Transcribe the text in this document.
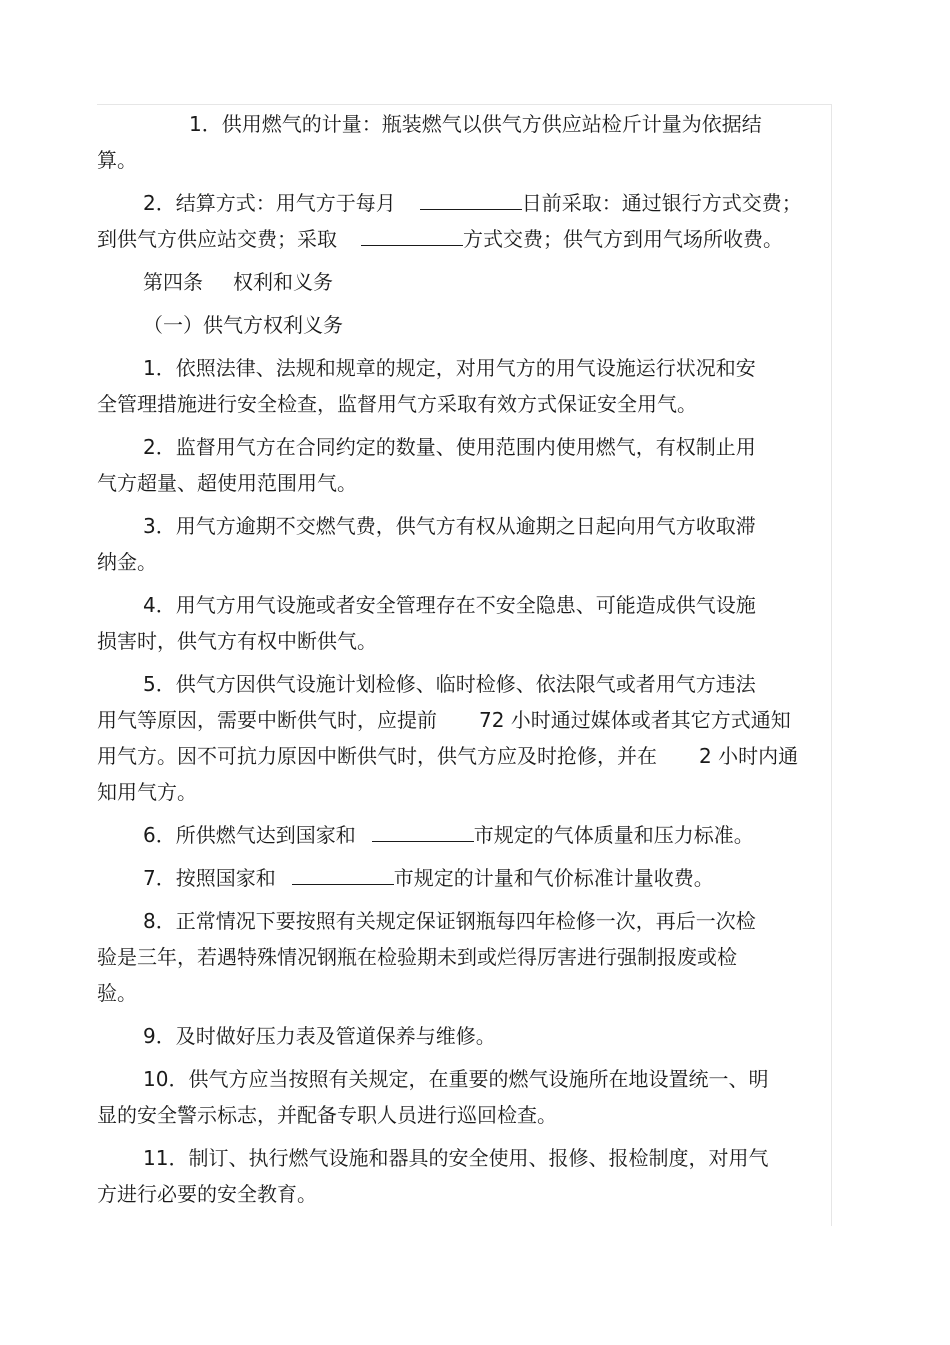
1．供用燃气的计量：瓶装燃气以供气方供应站检斤计量为依据结
算。

2．结算方式：用气方于每月	日前采取：通过银行方式交费；
到供气方供应站交费；采取	方式交费；供气方到用气场所收费。

第四条 权利和义务

（一）供气方权利义务

1．依照法律、法规和规章的规定，对用气方的用气设施运行状况和安
全管理措施进行安全检查，监督用气方采取有效方式保证安全用气。

2．监督用气方在合同约定的数量、使用范围内使用燃气，有权制止用
气方超量、超使用范围用气。

3．用气方逾期不交燃气费，供气方有权从逾期之日起向用气方收取滞
纳金。

4．用气方用气设施或者安全管理存在不安全隐患、可能造成供气设施
损害时，供气方有权中断供气。

5．供气方因供气设施计划检修、临时检修、依法限气或者用气方违法
用气等原因，需要中断供气时，应提前 72 小时通过媒体或者其它方式通知
用气方。因不可抗力原因中断供气时，供气方应及时抢修，并在 2 小时内通
知用气方。

6．所供燃气达到国家和	市规定的气体质量和压力标准。

7．按照国家和	市规定的计量和气价标准计量收费。

8．正常情况下要按照有关规定保证钢瓶每四年检修一次，再后一次检
验是三年，若遇特殊情况钢瓶在检验期未到或烂得厉害进行强制报废或检
验。

9．及时做好压力表及管道保养与维修。

10．供气方应当按照有关规定，在重要的燃气设施所在地设置统一、明
显的安全警示标志，并配备专职人员进行巡回检查。

11．制订、执行燃气设施和器具的安全使用、报修、报检制度，对用气
方进行必要的安全教育。
